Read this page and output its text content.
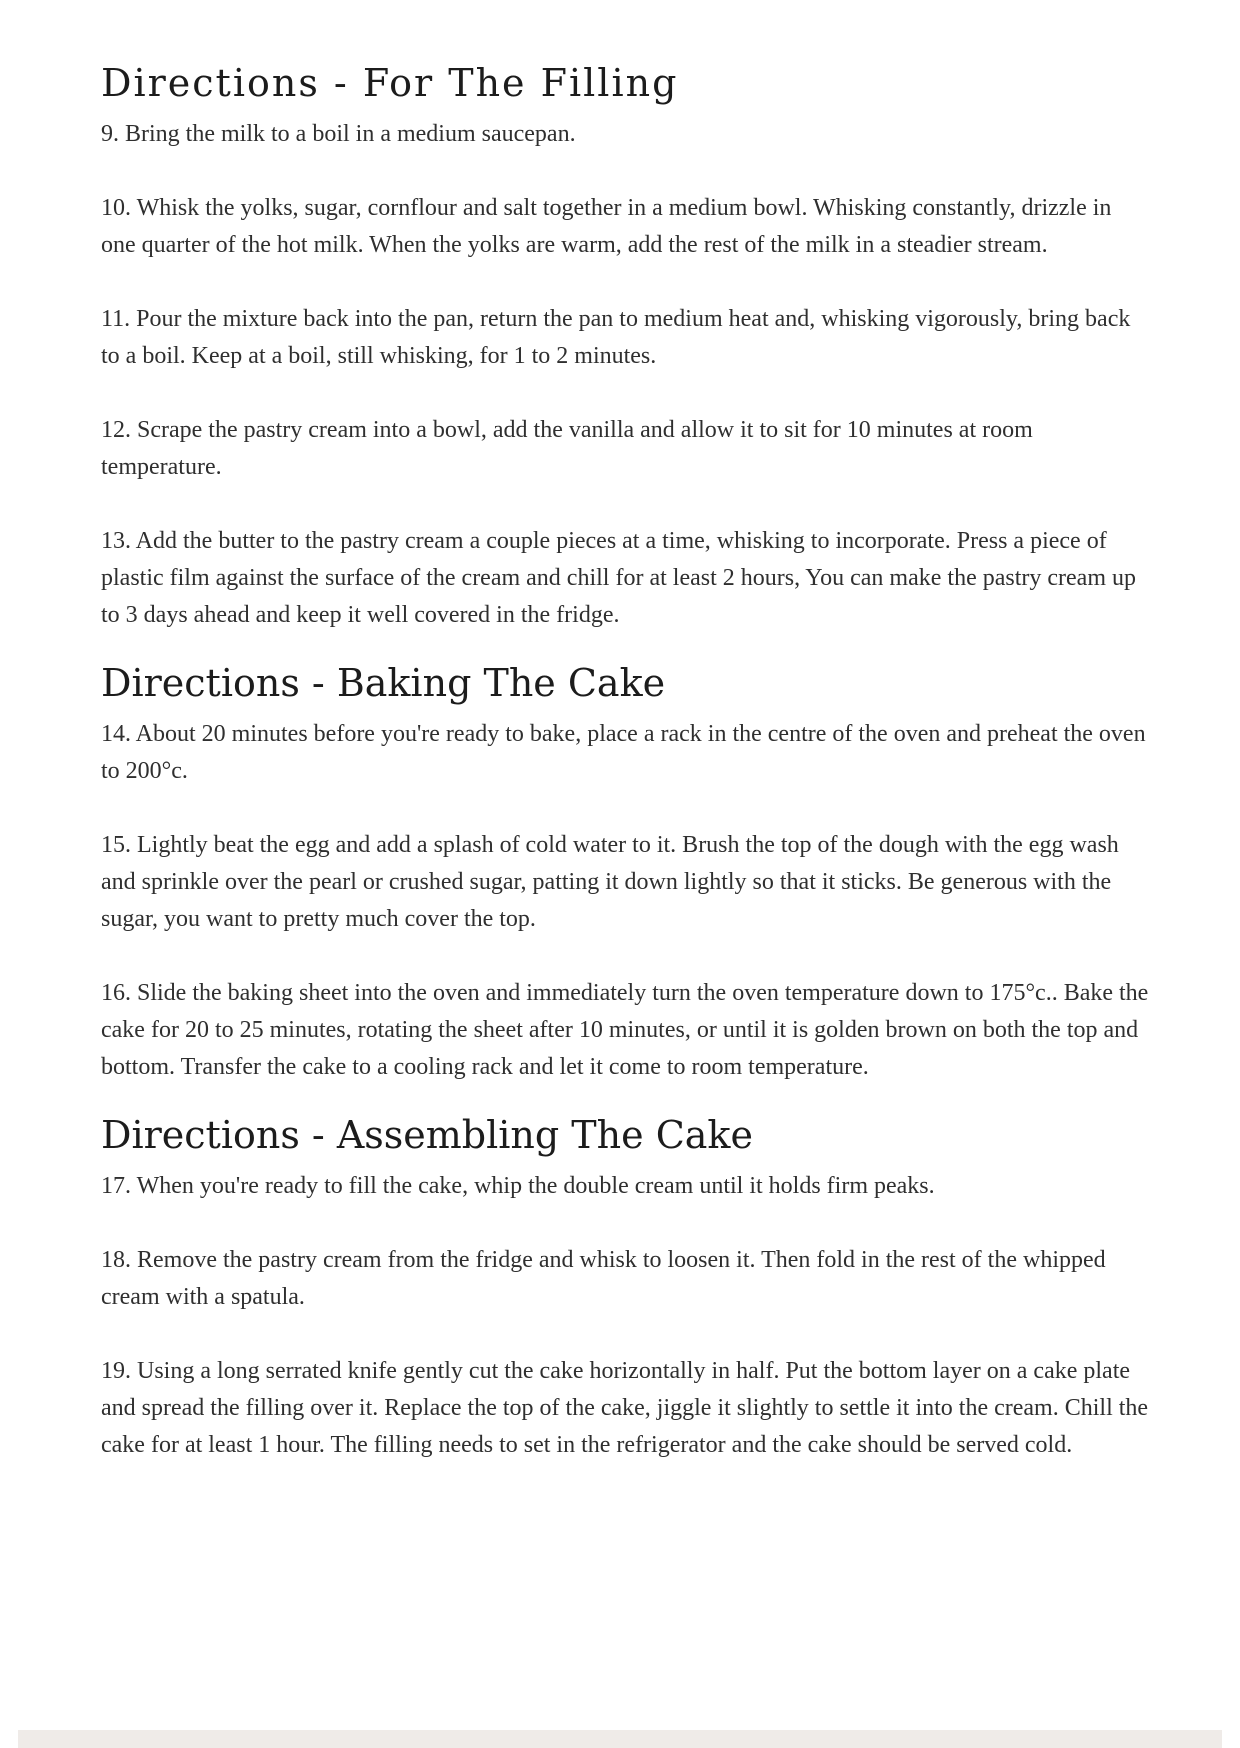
Directions - For The Filling

9. Bring the milk to a boil in a medium saucepan.

10. Whisk the yolks, sugar, cornflour and salt together in a medium bowl. Whisking constantly, drizzle in one quarter of the hot milk. When the yolks are warm, add the rest of the milk in a steadier stream.

11. Pour the mixture back into the pan, return the pan to medium heat and, whisking vigorously, bring back to a boil. Keep at a boil, still whisking, for 1 to 2 minutes.

12. Scrape the pastry cream into a bowl, add the vanilla and allow it to sit for 10 minutes at room temperature.

13. Add the butter to the pastry cream a couple pieces at a time, whisking to incorporate. Press a piece of plastic film against the surface of the cream and chill for at least 2 hours, You can make the pastry cream up to 3 days ahead and keep it well covered in the fridge.

Directions - Baking The Cake

14. About 20 minutes before you're ready to bake, place a rack in the centre of the oven and preheat the oven to 200°c.

15. Lightly beat the egg and add a splash of cold water to it. Brush the top of the dough with the egg wash and sprinkle over the pearl or crushed sugar, patting it down lightly so that it sticks. Be generous with the sugar, you want to pretty much cover the top.

16. Slide the baking sheet into the oven and immediately turn the oven temperature down to 175°c.. Bake the cake for 20 to 25 minutes, rotating the sheet after 10 minutes, or until it is golden brown on both the top and bottom. Transfer the cake to a cooling rack and let it come to room temperature.

Directions - Assembling The Cake

17. When you're ready to fill the cake, whip the double cream until it holds firm peaks.

18. Remove the pastry cream from the fridge and whisk to loosen it. Then fold in the rest of the whipped cream with a spatula.

19. Using a long serrated knife gently cut the cake horizontally in half. Put the bottom layer on a cake plate and spread the filling over it. Replace the top of the cake, jiggle it slightly to settle it into the cream. Chill the cake for at least 1 hour. The filling needs to set in the refrigerator and the cake should be served cold.
